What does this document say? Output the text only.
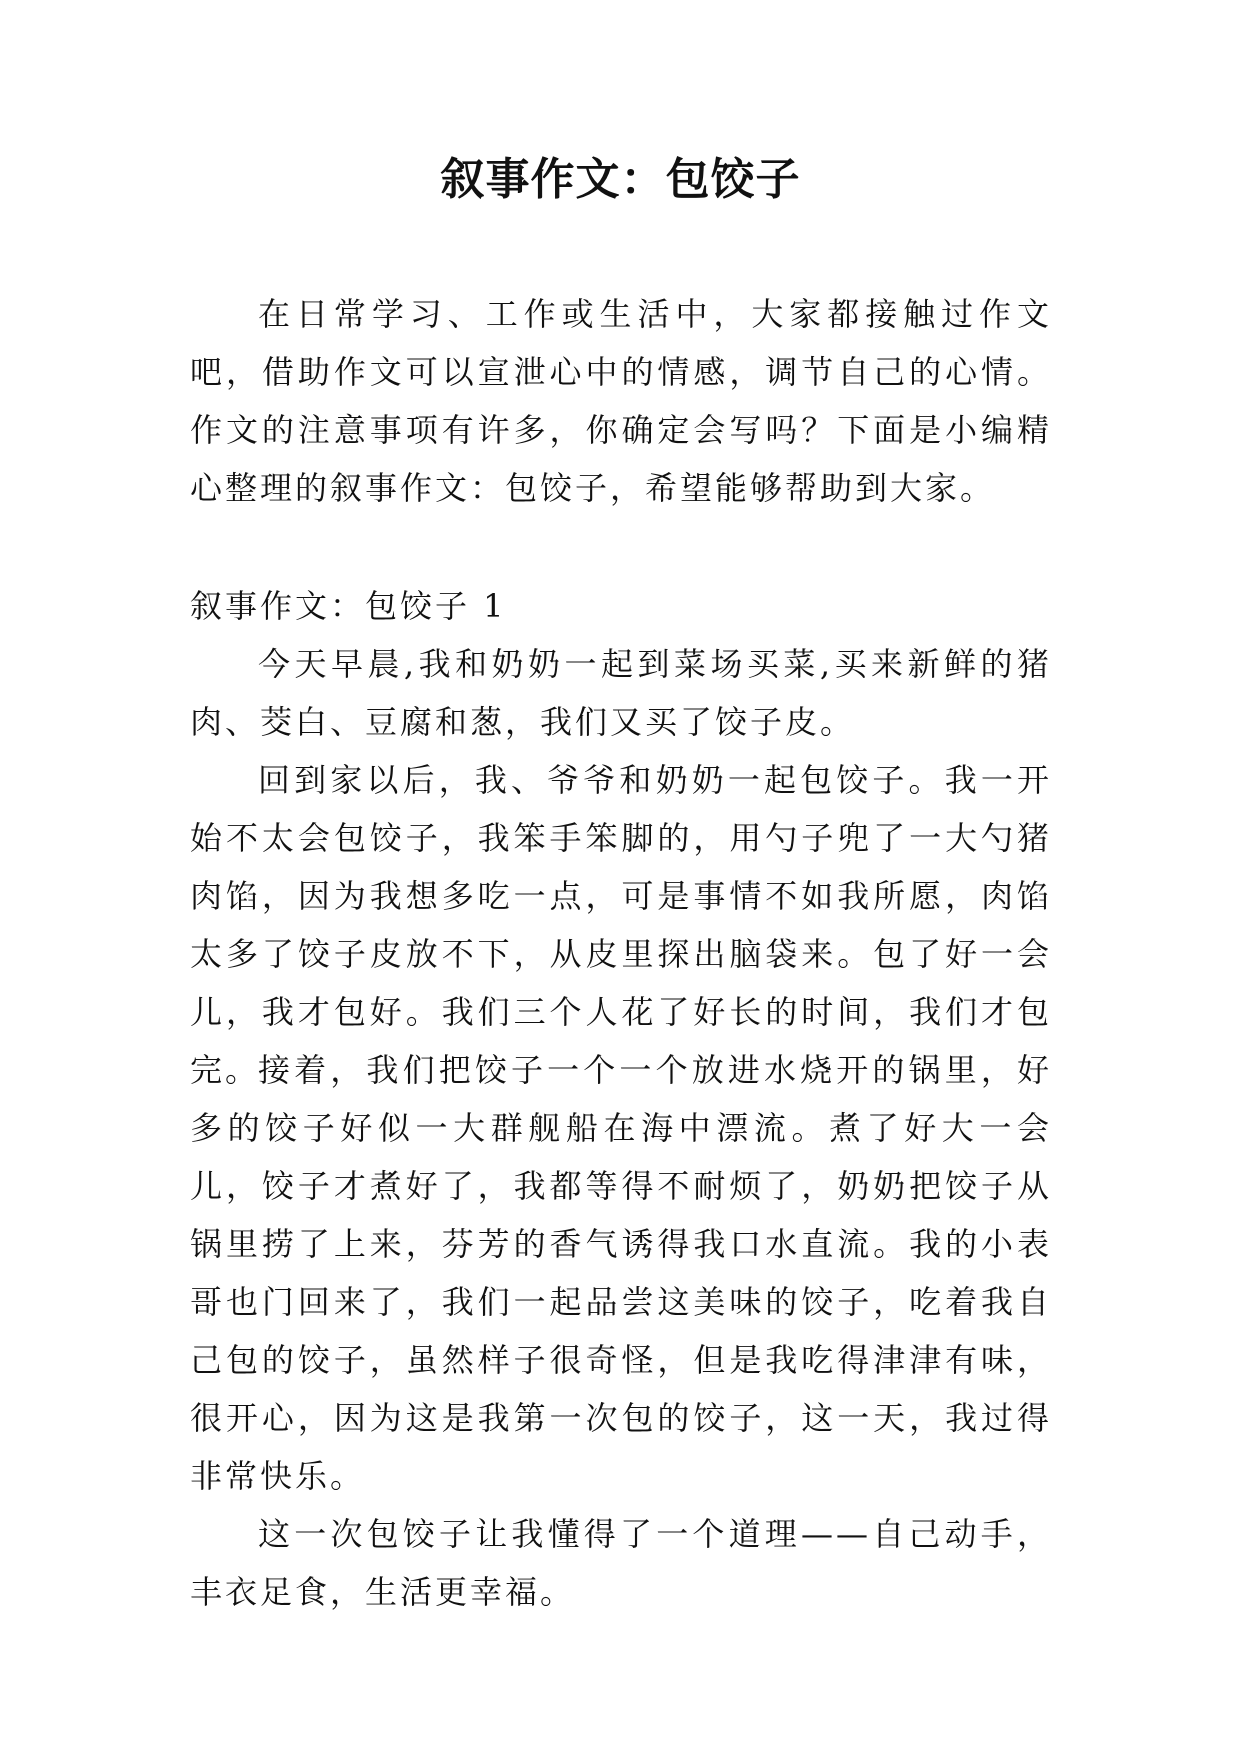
叙事作文：包饺子

在日常学习、工作或生活中，大家都接触过作文吧，借助作文可以宣泄心中的情感，调节自己的心情。作文的注意事项有许多，你确定会写吗？下面是小编精心整理的叙事作文：包饺子，希望能够帮助到大家。

叙事作文：包饺子 1

今天早晨,我和奶奶一起到菜场买菜,买来新鲜的猪肉、茭白、豆腐和葱，我们又买了饺子皮。

回到家以后，我、爷爷和奶奶一起包饺子。我一开始不太会包饺子，我笨手笨脚的，用勺子兜了一大勺猪肉馅，因为我想多吃一点，可是事情不如我所愿，肉馅太多了饺子皮放不下，从皮里探出脑袋来。包了好一会儿，我才包好。我们三个人花了好长的时间，我们才包完。

接着，我们把饺子一个一个放进水烧开的锅里，好多的饺子好似一大群舰船在海中漂流。煮了好大一会儿，饺子才煮好了，我都等得不耐烦了，奶奶把饺子从锅里捞了上来，芬芳的香气诱得我口水直流。我的小表哥也门回来了，我们一起品尝这美味的饺子，吃着我自己包的饺子，虽然样子很奇怪，但是我吃得津津有味，很开心，因为这是我第一次包的饺子，这一天，我过得非常快乐。

这一次包饺子让我懂得了一个道理——自己动手，丰衣足食，生活更幸福。
